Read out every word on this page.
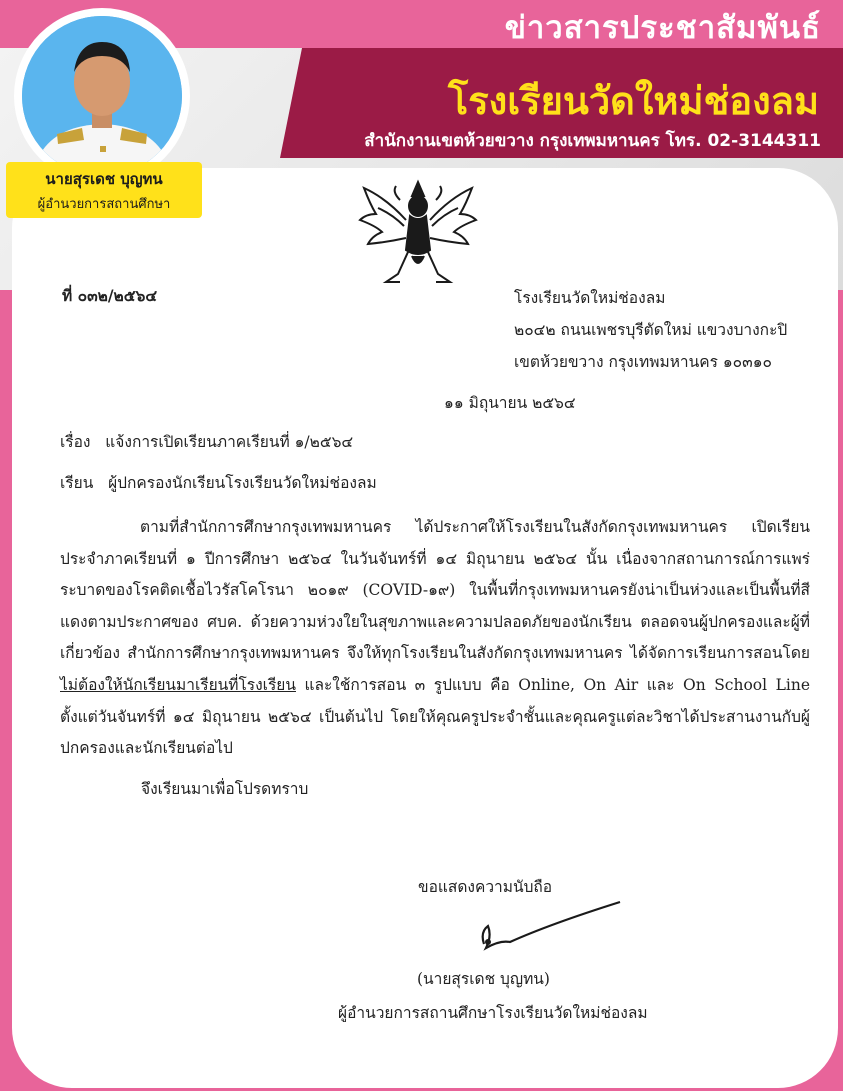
ข่าวสารประชาสัมพันธ์
โรงเรียนวัดใหม่ช่องลม
สำนักงานเขตห้วยขวาง กรุงเทพมหานคร โทร. 02-3144311
นายสุรเดช บุญทน
ผู้อำนวยการสถานศึกษา
ที่ ๐๓๒/๒๕๖๔	โรงเรียนวัดใหม่ช่องลม
๒๐๔๒ ถนนเพชรบุรีตัดใหม่ แขวงบางกะปิ
เขตห้วยขวาง กรุงเทพมหานคร ๑๐๓๑๐
๑๑ มิถุนายน ๒๕๖๔
เรื่อง แจ้งการเปิดเรียนภาคเรียนที่ ๑/๒๕๖๔
เรียน ผู้ปกครองนักเรียนโรงเรียนวัดใหม่ช่องลม

ตามที่สำนักการศึกษากรุงเทพมหานคร ได้ประกาศให้โรงเรียนในสังกัดกรุงเทพมหานคร เปิดเรียนประจำภาคเรียนที่ ๑ ปีการศึกษา ๒๕๖๔ ในวันจันทร์ที่ ๑๔ มิถุนายน ๒๕๖๔ นั้น เนื่องจากสถานการณ์การแพร่ระบาดของโรคติดเชื้อไวรัสโคโรนา ๒๐๑๙ (COVID-๑๙) ในพื้นที่กรุงเทพมหานครยังน่าเป็นห่วงและเป็นพื้นที่สีแดงตามประกาศของ ศบค. ด้วยความห่วงใยในสุขภาพและความปลอดภัยของนักเรียน ตลอดจนผู้ปกครองและผู้ที่เกี่ยวข้อง สำนักการศึกษากรุงเทพมหานคร จึงให้ทุกโรงเรียนในสังกัดกรุงเทพมหานคร ได้จัดการเรียนการสอนโดยไม่ต้องให้นักเรียนมาเรียนที่โรงเรียน และใช้การสอน ๓ รูปแบบ คือ Online, On Air และ On School Line ตั้งแต่วันจันทร์ที่ ๑๔ มิถุนายน ๒๕๖๔ เป็นต้นไป โดยให้คุณครูประจำชั้นและคุณครูแต่ละวิชาได้ประสานงานกับผู้ปกครองและนักเรียนต่อไป

จึงเรียนมาเพื่อโปรดทราบ
ขอแสดงความนับถือ
(นายสุรเดช บุญทน)
ผู้อำนวยการสถานศึกษาโรงเรียนวัดใหม่ช่องลม
